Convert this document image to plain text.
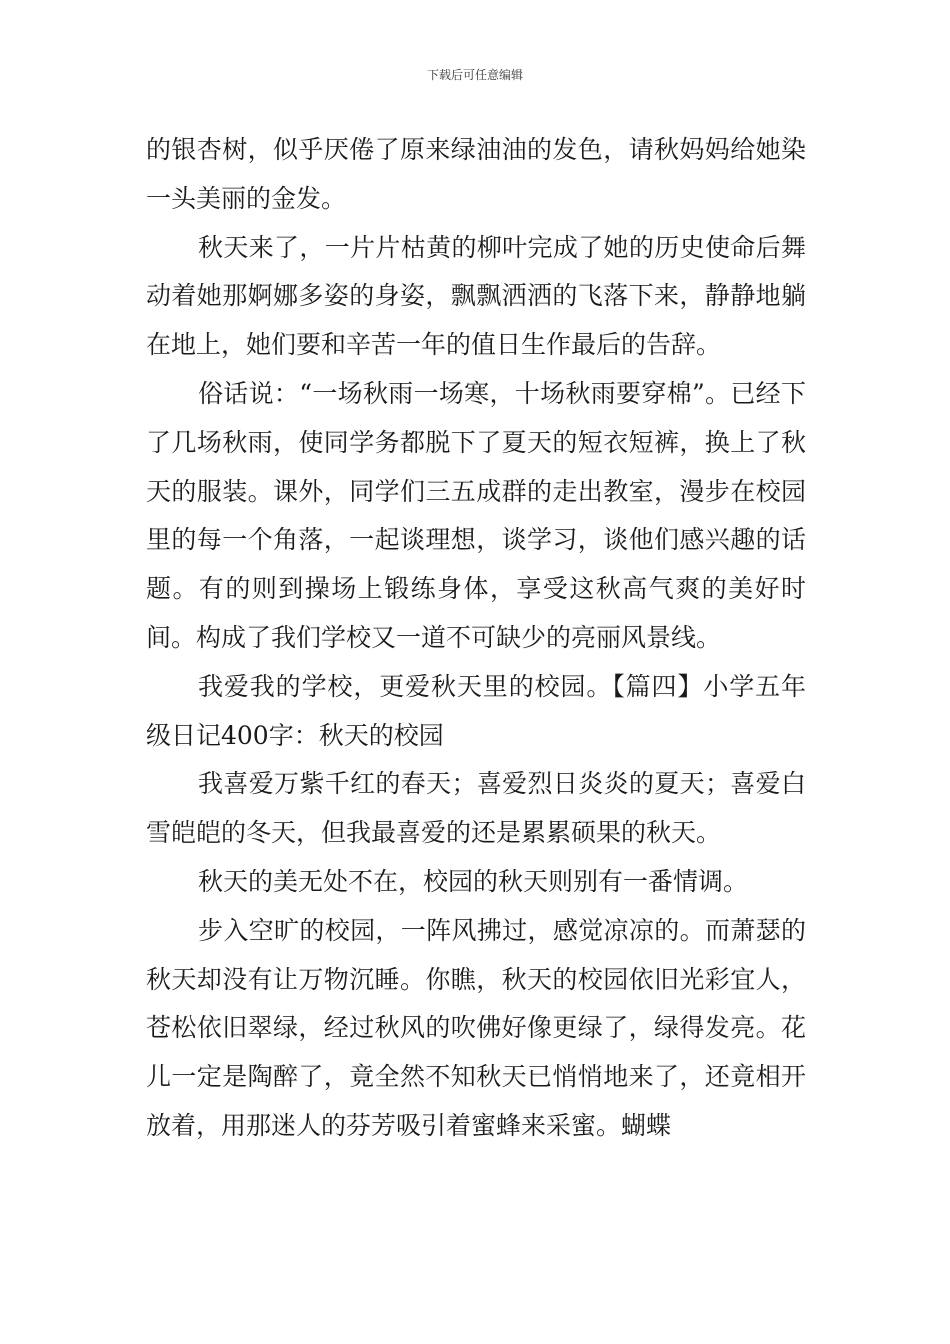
下载后可任意编辑

的银杏树，似乎厌倦了原来绿油油的发色，请秋妈妈给她染一头美丽的金发。

秋天来了，一片片枯黄的柳叶完成了她的历史使命后舞动着她那婀娜多姿的身姿，飘飘洒洒的飞落下来，静静地躺在地上，她们要和辛苦一年的值日生作最后的告辞。

俗话说：“一场秋雨一场寒，十场秋雨要穿棉”。已经下了几场秋雨，使同学务都脱下了夏天的短衣短裤，换上了秋天的服装。课外，同学们三五成群的走出教室，漫步在校园里的每一个角落，一起谈理想，谈学习，谈他们感兴趣的话题。有的则到操场上锻练身体，享受这秋高气爽的美好时间。构成了我们学校又一道不可缺少的亮丽风景线。

我爱我的学校，更爱秋天里的校园。【篇四】小学五年级日记400字：秋天的校园

我喜爱万紫千红的春天；喜爱烈日炎炎的夏天；喜爱白雪皑皑的冬天，但我最喜爱的还是累累硕果的秋天。

秋天的美无处不在，校园的秋天则别有一番情调。

步入空旷的校园，一阵风拂过，感觉凉凉的。而萧瑟的秋天却没有让万物沉睡。你瞧，秋天的校园依旧光彩宜人，苍松依旧翠绿，经过秋风的吹佛好像更绿了，绿得发亮。花儿一定是陶醉了，竟全然不知秋天已悄悄地来了，还竟相开放着，用那迷人的芬芳吸引着蜜蜂来采蜜。蝴蝶
